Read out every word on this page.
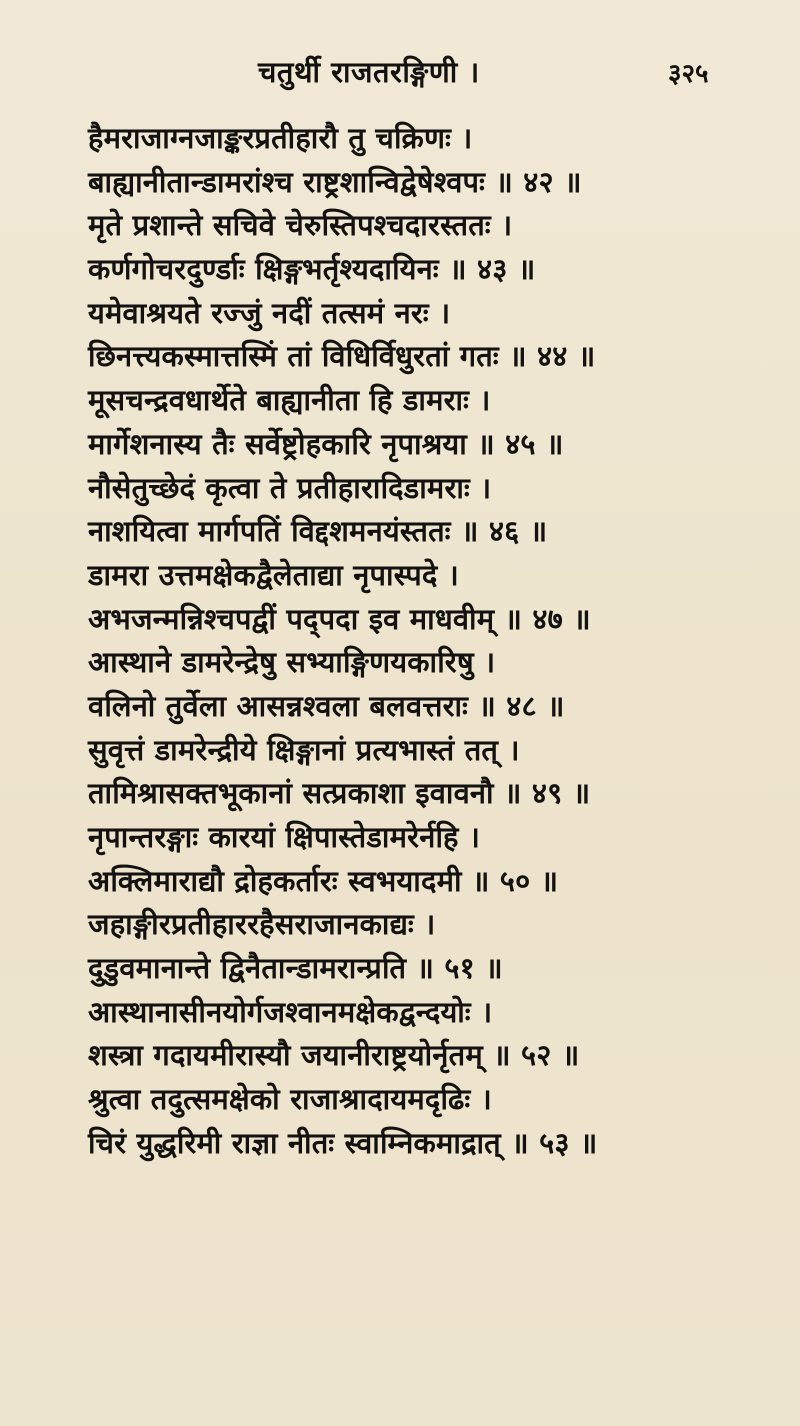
चतुर्थी राजतरङ्गिणी ।	३२५
हैमराजाग्नजाङ्करप्रतीहारौ तु चक्रिणः ।
बाह्यानीतान्डामरांश्च राष्ट्रशान्विद्वेषेश्वपः ॥ ४२ ॥
मृते प्रशान्ते सचिवे चेरुस्तिपश्चदारस्ततः ।
कर्णगोचरदुर्ण्डाः क्षिङ्गभर्तृश्यदायिनः ॥ ४३ ॥
यमेवाश्रयते रज्जुं नदीं तत्समं नरः ।
छिनत्त्यकस्मात्तस्मिं तां विधिर्विधुरतां गतः ॥ ४४ ॥
मूसचन्द्रवधार्थेते बाह्यानीता हि डामराः ।
मार्गेशनास्य तैः सर्वेष्ट्रोहकारि नृपाश्रया ॥ ४५ ॥
नौसेतुच्छेदं कृत्वा ते प्रतीहारादिडामराः ।
नाशयित्वा मार्गपतिं विद्दशमनयंस्ततः ॥ ४६ ॥
डामरा उत्तमक्षेकद्वैलेताद्या नृपास्पदे ।
अभजन्मन्निश्चपद्वीं पद्पदा इव माधवीम् ॥ ४७ ॥
आस्थाने डामरेन्द्रेषु सभ्याङ्गिणयकारिषु ।
वलिनो तुर्वेला आसन्नश्वला बलवत्तराः ॥ ४८ ॥
सुवृत्तं डामरेन्द्रीये क्षिङ्गानां प्रत्यभास्तं तत् ।
तामिश्रासक्तभूकानां सत्प्रकाशा इवावनौ ॥ ४९ ॥
नृपान्तरङ्गाः कारयां क्षिपास्तेडामरेर्नहि ।
अक्लिमाराद्यौ द्रोहकर्तारः स्वभयादमी ॥ ५० ॥
जहाङ्गीरप्रतीहाररहैसराजानकाद्यः ।
दुडुवमानान्ते द्विनैतान्डामरान्प्रति ॥ ५१ ॥
आस्थानासीनयोर्गजश्वानमक्षेकद्वन्दयोः ।
शस्त्रा गदायमीरास्यौ जयानीराष्ट्रयोर्नृतम् ॥ ५२ ॥
श्रुत्वा तदुत्समक्षेको राजाश्रादायमदृढिः ।
चिरं युद्धरिमी राज्ञा नीतः स्वाम्निकमाद्रात् ॥ ५३ ॥
